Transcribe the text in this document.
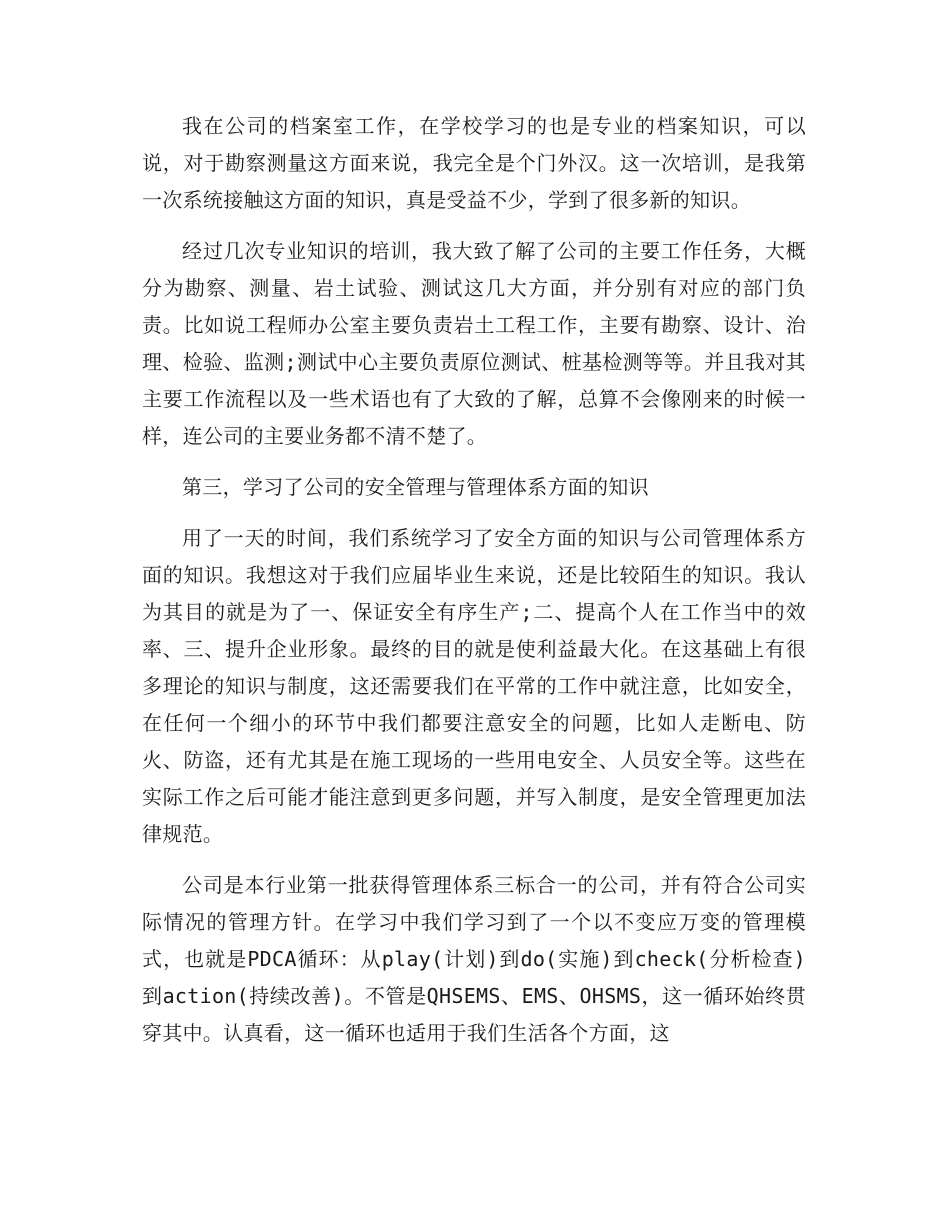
我在公司的档案室工作，在学校学习的也是专业的档案知识，可以说，对于勘察测量这方面来说，我完全是个门外汉。这一次培训，是我第一次系统接触这方面的知识，真是受益不少，学到了很多新的知识。

经过几次专业知识的培训，我大致了解了公司的主要工作任务，大概分为勘察、测量、岩土试验、测试这几大方面，并分别有对应的部门负责。比如说工程师办公室主要负责岩土工程工作，主要有勘察、设计、治理、检验、监测;测试中心主要负责原位测试、桩基检测等等。并且我对其主要工作流程以及一些术语也有了大致的了解，总算不会像刚来的时候一样，连公司的主要业务都不清不楚了。

第三，学习了公司的安全管理与管理体系方面的知识

用了一天的时间，我们系统学习了安全方面的知识与公司管理体系方面的知识。我想这对于我们应届毕业生来说，还是比较陌生的知识。我认为其目的就是为了一、保证安全有序生产;二、提高个人在工作当中的效率、三、提升企业形象。最终的目的就是使利益最大化。在这基础上有很多理论的知识与制度，这还需要我们在平常的工作中就注意，比如安全，在任何一个细小的环节中我们都要注意安全的问题，比如人走断电、防火、防盗，还有尤其是在施工现场的一些用电安全、人员安全等。这些在实际工作之后可能才能注意到更多问题，并写入制度，是安全管理更加法律规范。

公司是本行业第一批获得管理体系三标合一的公司，并有符合公司实际情况的管理方针。在学习中我们学习到了一个以不变应万变的管理模式，也就是PDCA循环：从play(计划)到do(实施)到check(分析检查)到action(持续改善)。不管是QHSEMS、EMS、OHSMS，这一循环始终贯穿其中。认真看，这一循环也适用于我们生活各个方面，这
